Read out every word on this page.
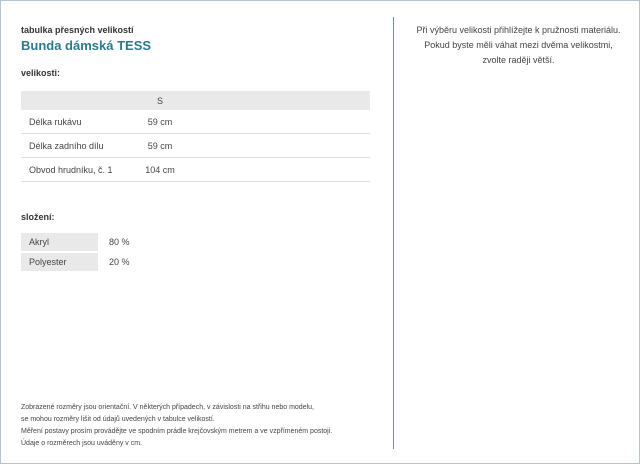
tabulka přesných velikostí
Bunda dámská TESS
velikosti:
	S	
Délka rukávu	59 cm	
Délka zadního dílu	59 cm	
Obvod hrudníku, č. 1	104 cm	
složení:
Akryl	80 %
Polyester	20 %
Zobrazené rozměry jsou orientační. V některých případech, v závislosti na střihu nebo modelu,
se mohou rozměry lišit od údajů uvedených v tabulce velikostí.
Měření postavy prosím provádějte ve spodním prádle krejčovským metrem a ve vzpřímeném postoji.
Údaje o rozměrech jsou uváděny v cm.
Při výběru velikosti přihlížejte k pružnosti materiálu.
Pokud byste měli váhat mezi dvěma velikostmi,
zvolte raději větší.
